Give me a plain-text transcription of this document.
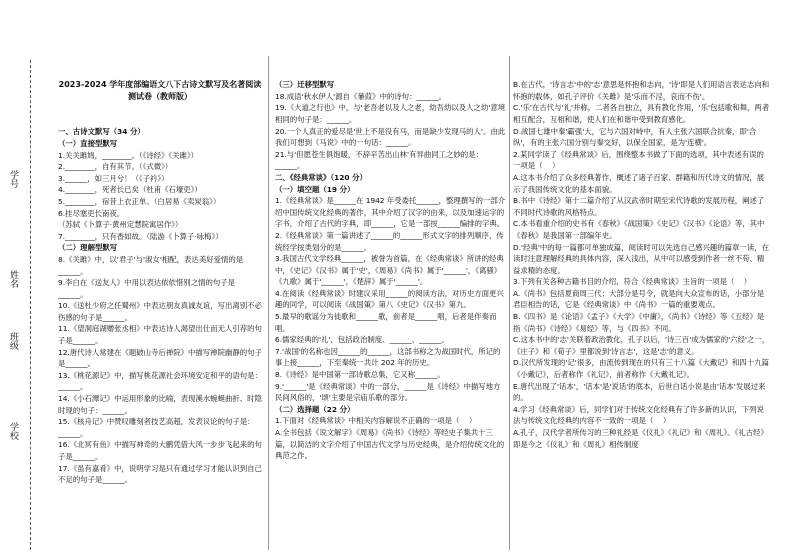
学号
姓名
班级
学校

2023-2024 学年度部编语文八下古诗文默写及名著阅读测试卷（教师版）

一、古诗文默写（34 分）
（一）直接型默写
1.关关雎鸠，________。（《诗经》《关雎》）
2.________，自有其节。（《式微》）
3.______，如三月兮！（《子衿》）
4.________，死者长已矣（杜甫《石壕吏》）
5.________，宿昔上衣正单。（白居易《卖炭翁》）
6.挂尽塞吏长南夜。
（苏轼《卜算子·黄州定慧院寓居作》）
7.________，只有香如故。（陆游《卜算子·咏梅》）
（二）理解型默写
8.《关雎》中，以'君子'与'淑女'相配，表达美好爱情的是______。
9.李白在《送友人》中用以表达依依惜别之情的句子是______。
10.《送杜少府之任蜀州》中表达朋友真诚友谊，写出离别不必伤感的句子是______。
11.《望洞庭湖赠张丞相》中表达诗人渴望出仕而无人引荐的句子是______。
12.唐代诗人常建在《题破山寺后禅院》中描写禅院幽静的句子是______。
13.《桃花源记》中，描写桃花源社会环境安定和平的语句是：______。
14.《小石潭记》中运用形象的比喻，表现溪水蜿蜒曲折、时隐时现的句子：______。
15.《核舟记》中赞叹雕刻者技艺高超，发表议论的句子是：______。
16.《北冥有鱼》中描写神奇的大鹏凭借大风一步步飞起来的句子是______。
17.《虽有嘉肴》中，说明学习是只有通过学习才能认识到自己不足的句子是______。

（三）迁移型默写
18.成语'秋水伊人'源自《蒹葭》中的诗句：______。
19.《大道之行也》中，与'老吾老以及人之老，幼吾幼以及人之幼'意境相同的句子是：______。
20.一个人真正的爱尽是'世上不是没有马，而是缺少发现马的人'。由此我们可想到《马说》中的一句话：______。
21.与'但愿苍生俱饱暖，不辞辛苦出山林'有异曲同工之妙的是：______。
二、《经典常谈》（120 分）
（一）填空题（19 分）
1.《经典常谈》是______在 1942 年受委托______，整理撰写的一部介绍中国传统文化经典的著作，其中介绍了汉字的由来，以及加速运字的字书，介绍了古代的字典，即______，它是一部按______编排的字典。
2.《经典常谈》第一篇讲述了______的______形式文字的排列顺序，传统经学按类划分的是______。
3.我国古代文学经典______，被誉为首篇，在《经典常谈》所讲的经典中，《史记》《汉书》属于'史'，《周易》《尚书》属于'______'，《离骚》《九歌》属于'______'，《楚辞》属于'______'。
4.在阅读《经典常谈》时建议采用______的阅读方法，对历史方面更兴趣的同学，可以阅读《战国策》第八《史记》《汉书》第九。
5.最早的歌谣分为徒歌和______歌，前者是______唱，后者是伴奏而唱。
6.儒家经典的'礼'，包括政治制度、______、______。
7.'战国'的名称也因______的______，这部书称之为战国时代，所记的事上接______，下至秦统一共计 202 年的历史。
8.《诗经》是中国第一部诗歌总集，它又称______。
9.'______'是《经典常谈》中的一部分，______是《诗经》中描写地方民间风俗的，'颂'主要是宗庙乐歌的部分。
（二）选择题（22 分）
1.下面对《经典常谈》中相关内容解说不正确的一项是（    ）
A.全书包括《说文解字》《周易》《尚书》《诗经》等经史子集共十三篇，以简洁的文字介绍了中国古代文学与历史经典，是介绍传统文化的典范之作。

B.在古代，'诗言志'中的'志'意思是怀抱和志向，'诗'即是人们用语言表达志向和怀抱的载体，如孔子评价《关雎》是'乐而不淫，哀而不伤'。
C.'乐'在古代与'礼'并称，二者各自独立，具有教化作用，'乐'包括歌和舞，两者相互配合，互相和谐，使人们在和谐中受到教育感化。
D.战国七雄中秦'霸强'大，它与六国对峙中，有人主张六国联合抗秦，即'合纵'，有的主张六国分别与秦交好，以保全国家，是为'连横'。
2.某同学读了《经典常谈》后，围绕整本书做了下面的选项，其中表述有误的一项是（    ）
A.这本书介绍了众多经典著作，概述了诸子百家、群籍和历代诗文的情况，展示了我国传统文化的基本面貌。
B.书中《诗经》第十二篇介绍了从汉武帝时期至宋代诗歌的发展历程，阐述了不同时代诗歌的风格特点。
C.本书看重介绍的史书有《春秋》《战国策》《史记》《汉书》《论语》等，其中《春秋》是我国第一部编年史。
D.'经典'中的每一篇都可单独成篇，阅读时可以先选自己感兴趣的篇章一读，在读时注意理解经典的具体内容，深入浅出，从中可以感受到作者一丝不苟、精益求精的态度。
3.下列有关各种古籍书目的介绍，符合《经典常谈》主旨的一项是（    ）
A.《尚书》包括夏商周三代；大部分是号令，就是向大众宣布的话，小部分是君臣相告的话，它是《经典常谈》中《尚书》一篇的重要观点。
B.《四书》是《论语》《孟子》《大学》《中庸》，《尚书》《诗经》等《五经》是指《尚书》《诗经》《易经》等，与《四书》不同。
C.这本书中的'志'关联着政治教化，孔子以后，'诗三百'成为儒家的'六经'之一，《庄子》和《荀子》里都说到'诗言志'，这是'志'的意义。
D.汉代所发现的'记'很多，由流传到现在的只有三十八篇《大戴记》和四十九篇《小戴记》，后者称作《礼记》，前者称作《大戴礼记》。
E.唐代出现了'话本'，'话本'是'说话'的底本，后世白话小说是由'话本'发展过来的。
4.学习《经典常谈》后，同学们对于传统文化经典有了许多新的认识，下列说法与传统文化经典的内容不一致的一项是（    ）
A.孔子，汉代学者所传习的三种礼经是《仪礼》《礼记》和《周礼》。《礼古经》即是今之《仪礼》和《周礼》相传制度
